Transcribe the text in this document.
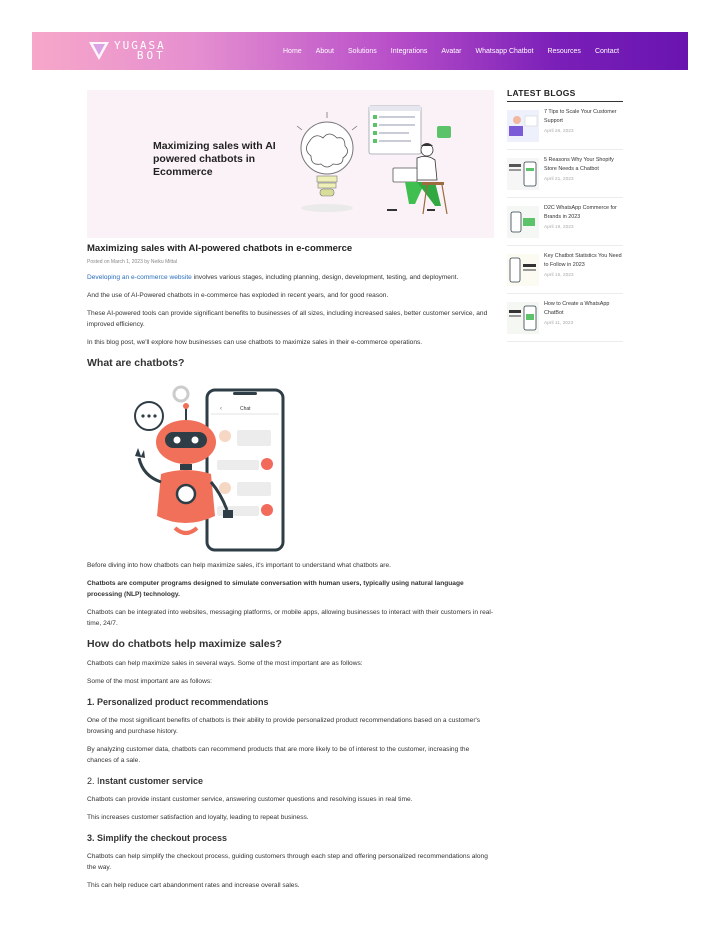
YUGASA
BOT	Home About Solutions Integrations Avatar Whatsapp Chatbot Resources Contact
Maximizing sales with AI powered chatbots in Ecommerce
Maximizing sales with AI-powered chatbots in e-commerce
Posted on March 1, 2023 by Neiku Mittal
Developing an e-commerce website involves various stages, including planning, design, development, testing, and deployment.
And the use of AI-Powered chatbots in e-commerce has exploded in recent years, and for good reason.
These AI-powered tools can provide significant benefits to businesses of all sizes, including increased sales, better customer service, and improved efficiency.
In this blog post, we'll explore how businesses can use chatbots to maximize sales in their e-commerce operations.
What are chatbots?
‹	Chat
Before diving into how chatbots can help maximize sales, it's important to understand what chatbots are.
Chatbots are computer programs designed to simulate conversation with human users, typically using natural language processing (NLP) technology.
Chatbots can be integrated into websites, messaging platforms, or mobile apps, allowing businesses to interact with their customers in real-time, 24/7.
How do chatbots help maximize sales?
Chatbots can help maximize sales in several ways. Some of the most important are as follows:
Some of the most important are as follows:
1. Personalized product recommendations
One of the most significant benefits of chatbots is their ability to provide personalized product recommendations based on a customer's browsing and purchase history.
By analyzing customer data, chatbots can recommend products that are more likely to be of interest to the customer, increasing the chances of a sale.
2. Instant customer service
Chatbots can provide instant customer service, answering customer questions and resolving issues in real time.
This increases customer satisfaction and loyalty, leading to repeat business.
3. Simplify the checkout process
Chatbots can help simplify the checkout process, guiding customers through each step and offering personalized recommendations along the way.
This can help reduce cart abandonment rates and increase overall sales.
LATEST BLOGS
7 Tips to Scale Your Customer Support
April 26, 2023
5 Reasons Why Your Shopify Store Needs a Chatbot
April 21, 2023
D2C WhatsApp Commerce for Brands in 2023
April 19, 2023
Key Chatbot Statistics You Need to Follow in 2023
April 15, 2023
How to Create a WhatsApp ChatBot
April 11, 2023
